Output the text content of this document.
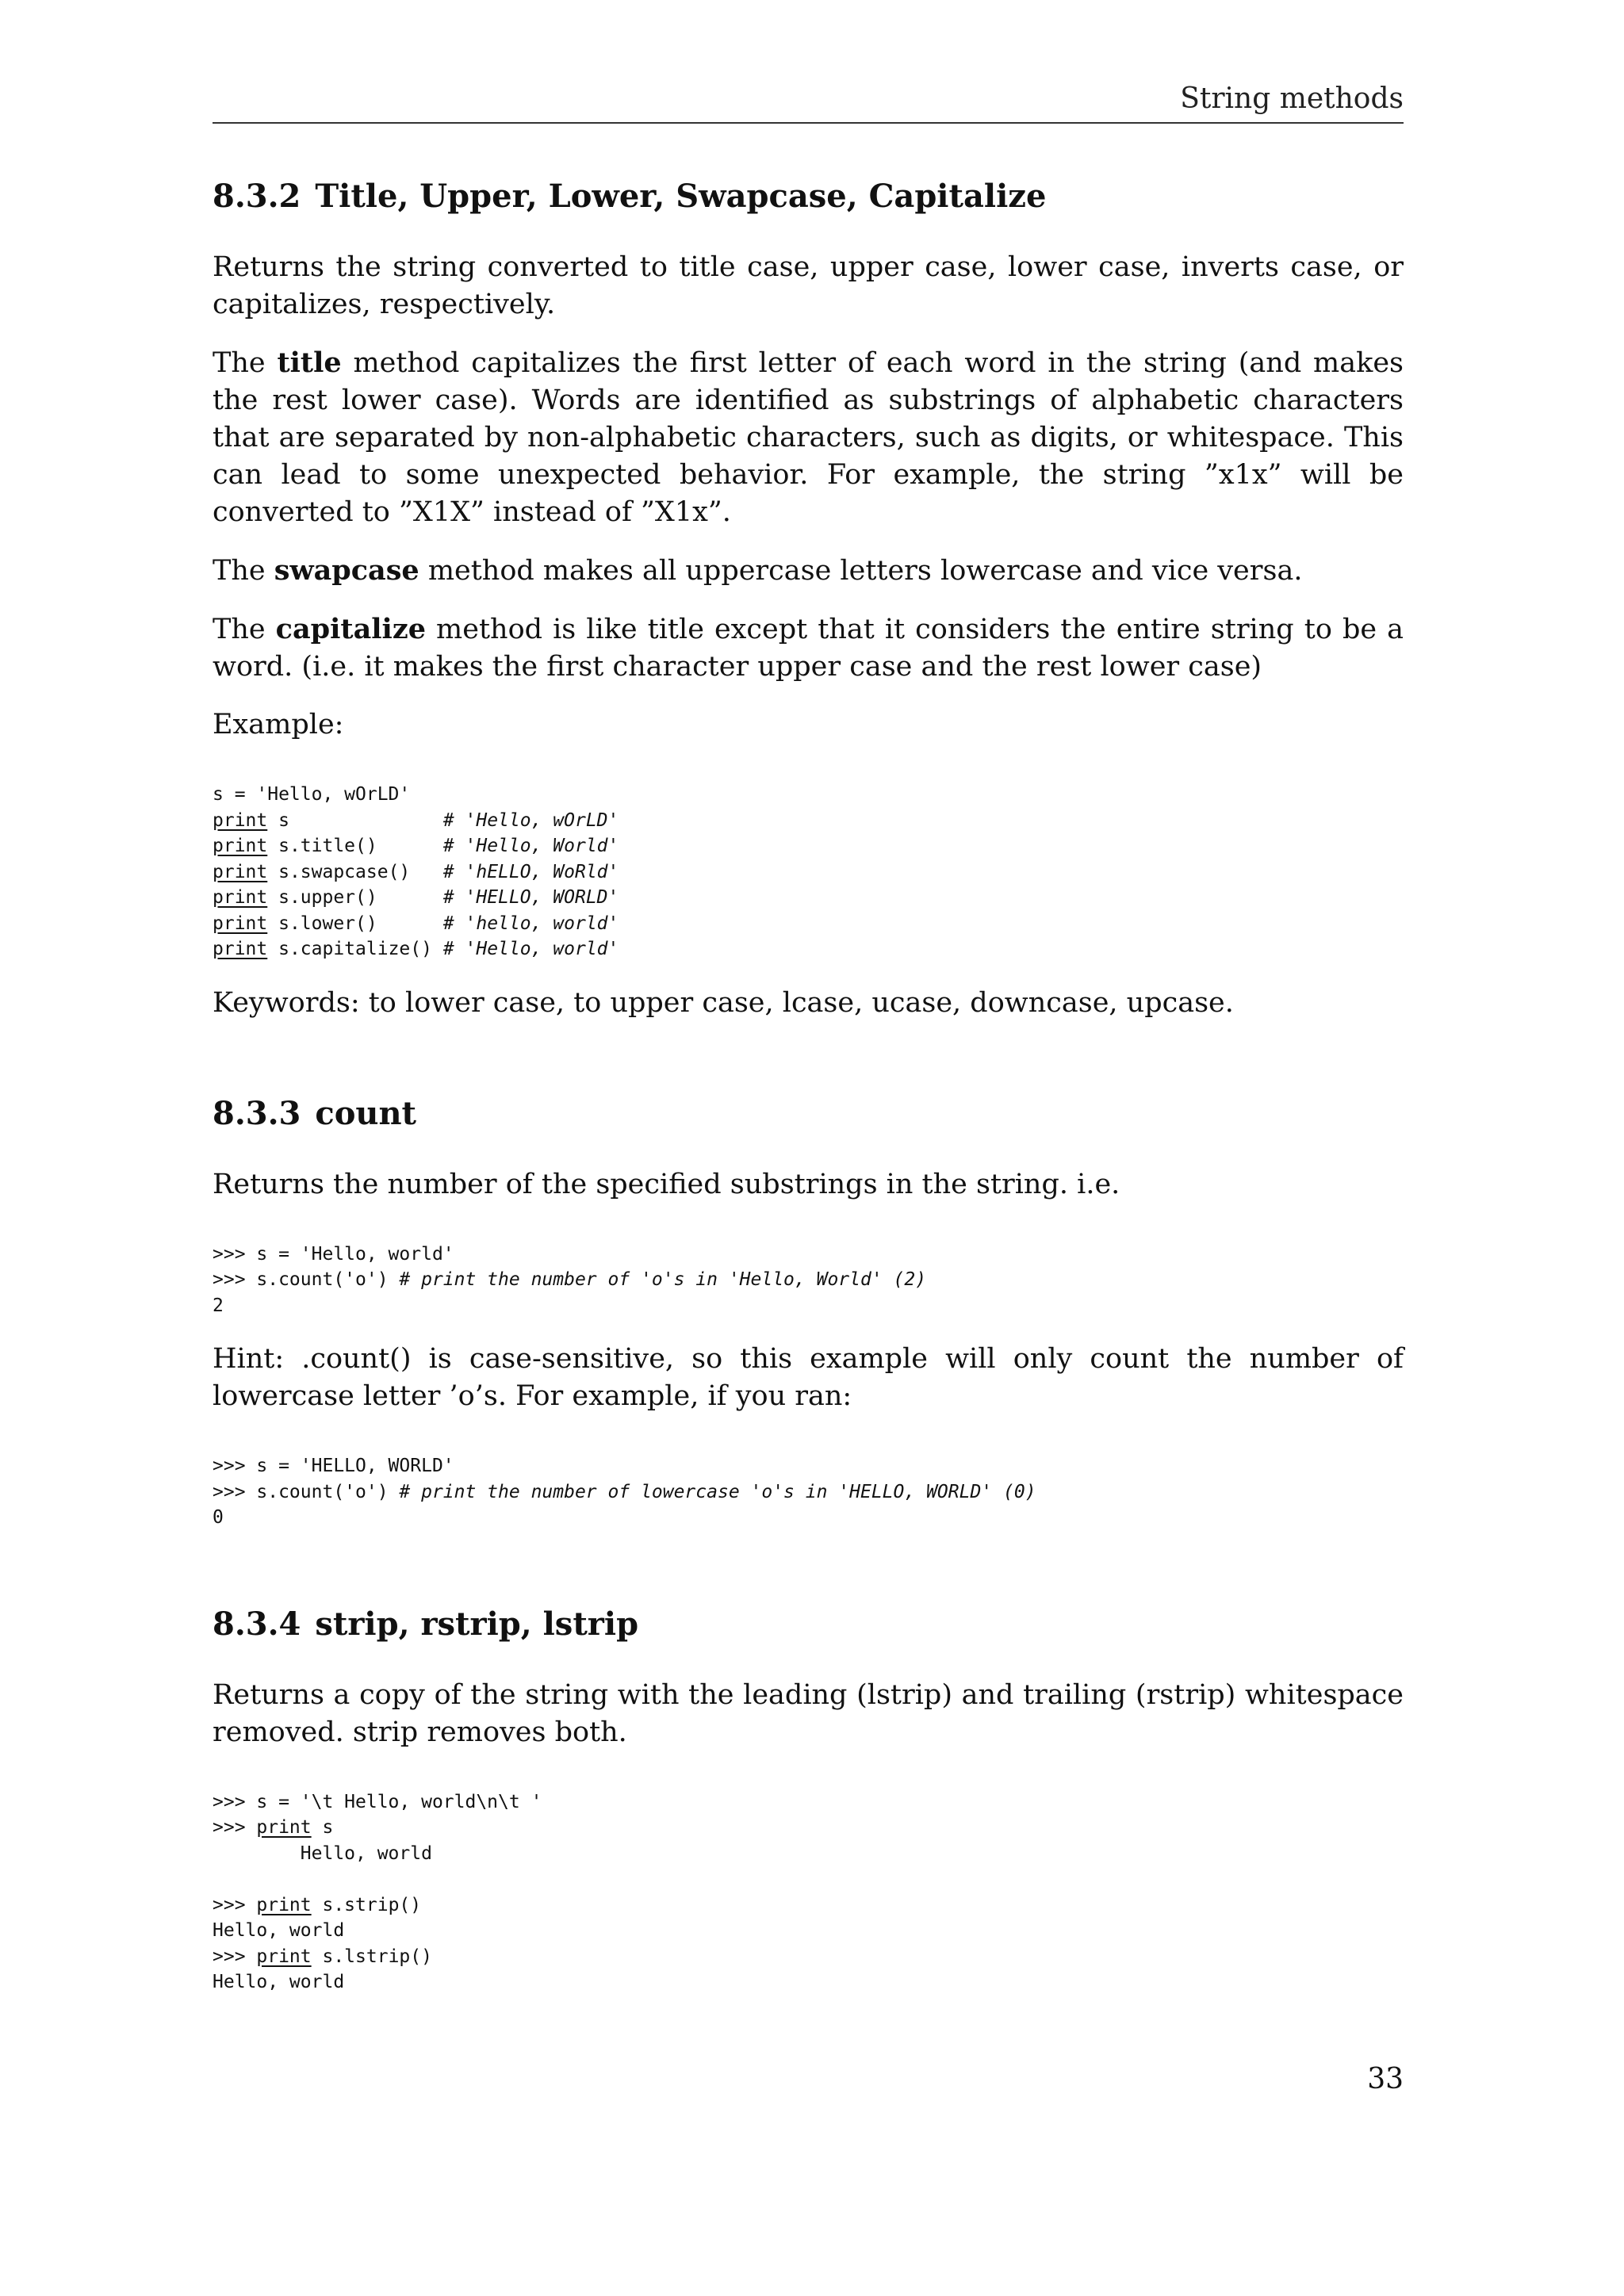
String methods
8.3.2 Title, Upper, Lower, Swapcase, Capitalize

Returns the string converted to title case, upper case, lower case, inverts case, or capitalizes, respectively.

The title method capitalizes the first letter of each word in the string (and makes the rest lower case). Words are identified as substrings of alphabetic characters that are separated by non-alphabetic characters, such as digits, or whitespace. This can lead to some unexpected behavior. For example, the string ”x1x” will be converted to ”X1X” instead of ”X1x”.

The swapcase method makes all uppercase letters lowercase and vice versa.

The capitalize method is like title except that it considers the entire string to be a word. (i.e. it makes the first character upper case and the rest lower case)

Example:

s = 'Hello, wOrLD'
print s              # 'Hello, wOrLD'
print s.title()      # 'Hello, World'
print s.swapcase()   # 'hELLO, WoRld'
print s.upper()      # 'HELLO, WORLD'
print s.lower()      # 'hello, world'
print s.capitalize() # 'Hello, world'

Keywords: to lower case, to upper case, lcase, ucase, downcase, upcase.

8.3.3 count

Returns the number of the specified substrings in the string. i.e.

>>> s = 'Hello, world'
>>> s.count('o') # print the number of 'o's in 'Hello, World' (2)
2

Hint: .count() is case-sensitive, so this example will only count the number of lowercase letter ’o’s. For example, if you ran:

>>> s = 'HELLO, WORLD'
>>> s.count('o') # print the number of lowercase 'o's in 'HELLO, WORLD' (0)
0
8.3.4 strip, rstrip, lstrip

Returns a copy of the string with the leading (lstrip) and trailing (rstrip) whitespace removed. strip removes both.

>>> s = '\t Hello, world\n\t '
>>> print s
Hello, world

>>> print s.strip()
Hello, world
>>> print s.lstrip()
Hello, world
33
